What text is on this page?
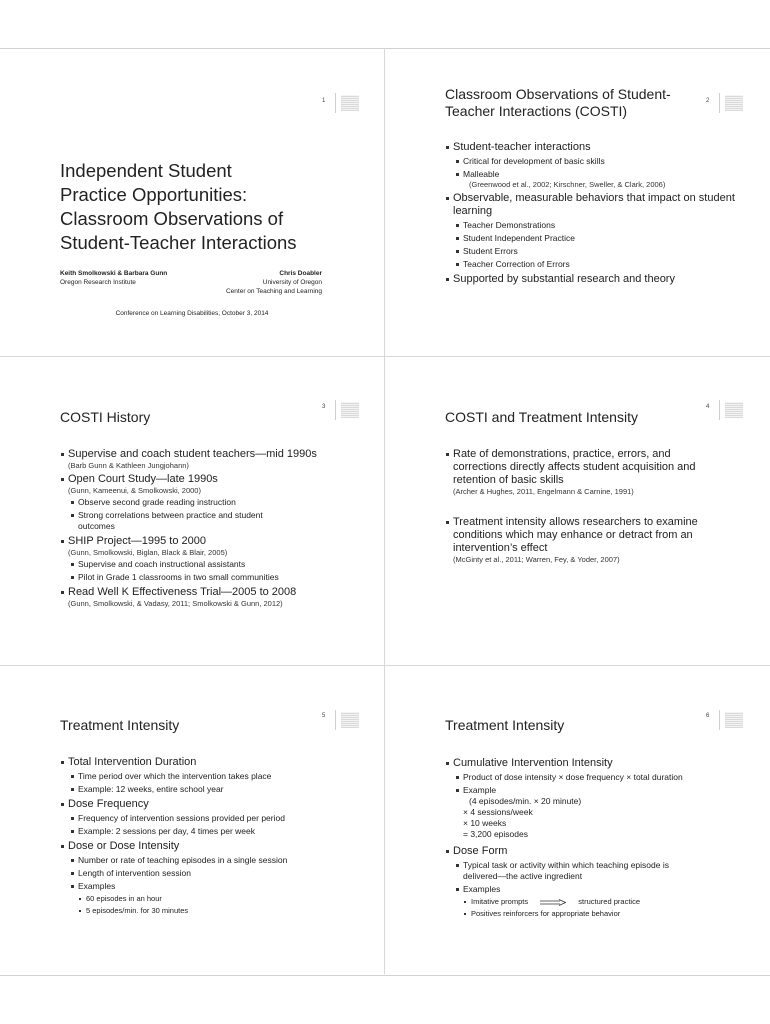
1
Independent Student
Practice Opportunities:
Classroom Observations of
Student-Teacher Interactions
Keith Smolkowski & Barbara Gunn
Oregon Research Institute
Chris Doabler
University of Oregon
Center on Teaching and Learning
Conference on Learning Disabilities, October 3, 2014
2
Classroom Observations of Student-
Teacher Interactions (COSTI)
Student-teacher interactions
Critical for development of basic skills
Malleable
(Greenwood et al., 2002; Kirschner, Sweller, & Clark, 2006)
Observable, measurable behaviors that impact on student learning
Teacher Demonstrations
Student Independent Practice
Student Errors
Teacher Correction of Errors
Supported by substantial research and theory
3
COSTI History
Supervise and coach student teachers—mid 1990s
(Barb Gunn & Kathleen Jungjohann)
Open Court Study—late 1990s
(Gunn, Kameenui, & Smolkowski, 2000)
Observe second grade reading instruction
Strong correlations between practice and student
outcomes
SHIP Project—1995 to 2000
(Gunn, Smolkowski, Biglan, Black & Blair, 2005)
Supervise and coach instructional assistants
Pilot in Grade 1 classrooms in two small communities
Read Well K Effectiveness Trial—2005 to 2008
(Gunn, Smolkowski, & Vadasy, 2011; Smolkowski & Gunn, 2012)
4
COSTI and Treatment Intensity
Rate of demonstrations, practice, errors, and corrections directly affects student acquisition and retention of basic skills
(Archer & Hughes, 2011, Engelmann & Carnine, 1991)
Treatment intensity allows researchers to examine conditions which may enhance or detract from an intervention’s effect
(McGinty et al., 2011; Warren, Fey, & Yoder, 2007)
5
Treatment Intensity
Total Intervention Duration
Time period over which the intervention takes place
Example: 12 weeks, entire school year
Dose Frequency
Frequency of intervention sessions provided per period
Example: 2 sessions per day, 4 times per week
Dose or Dose Intensity
Number or rate of teaching episodes in a single session
Length of intervention session
Examples
60 episodes in an hour
5 episodes/min. for 30 minutes
6
Treatment Intensity
Cumulative Intervention Intensity
Product of dose intensity × dose frequency × total duration
Example
(4 episodes/min. × 20 minute)
× 4 sessions/week
× 10 weeks
= 3,200 episodes
Dose Form
Typical task or activity within which teaching episode is
delivered—the active ingredient
Examples
Imitative prompts	structured practice
Positives reinforcers for appropriate behavior
